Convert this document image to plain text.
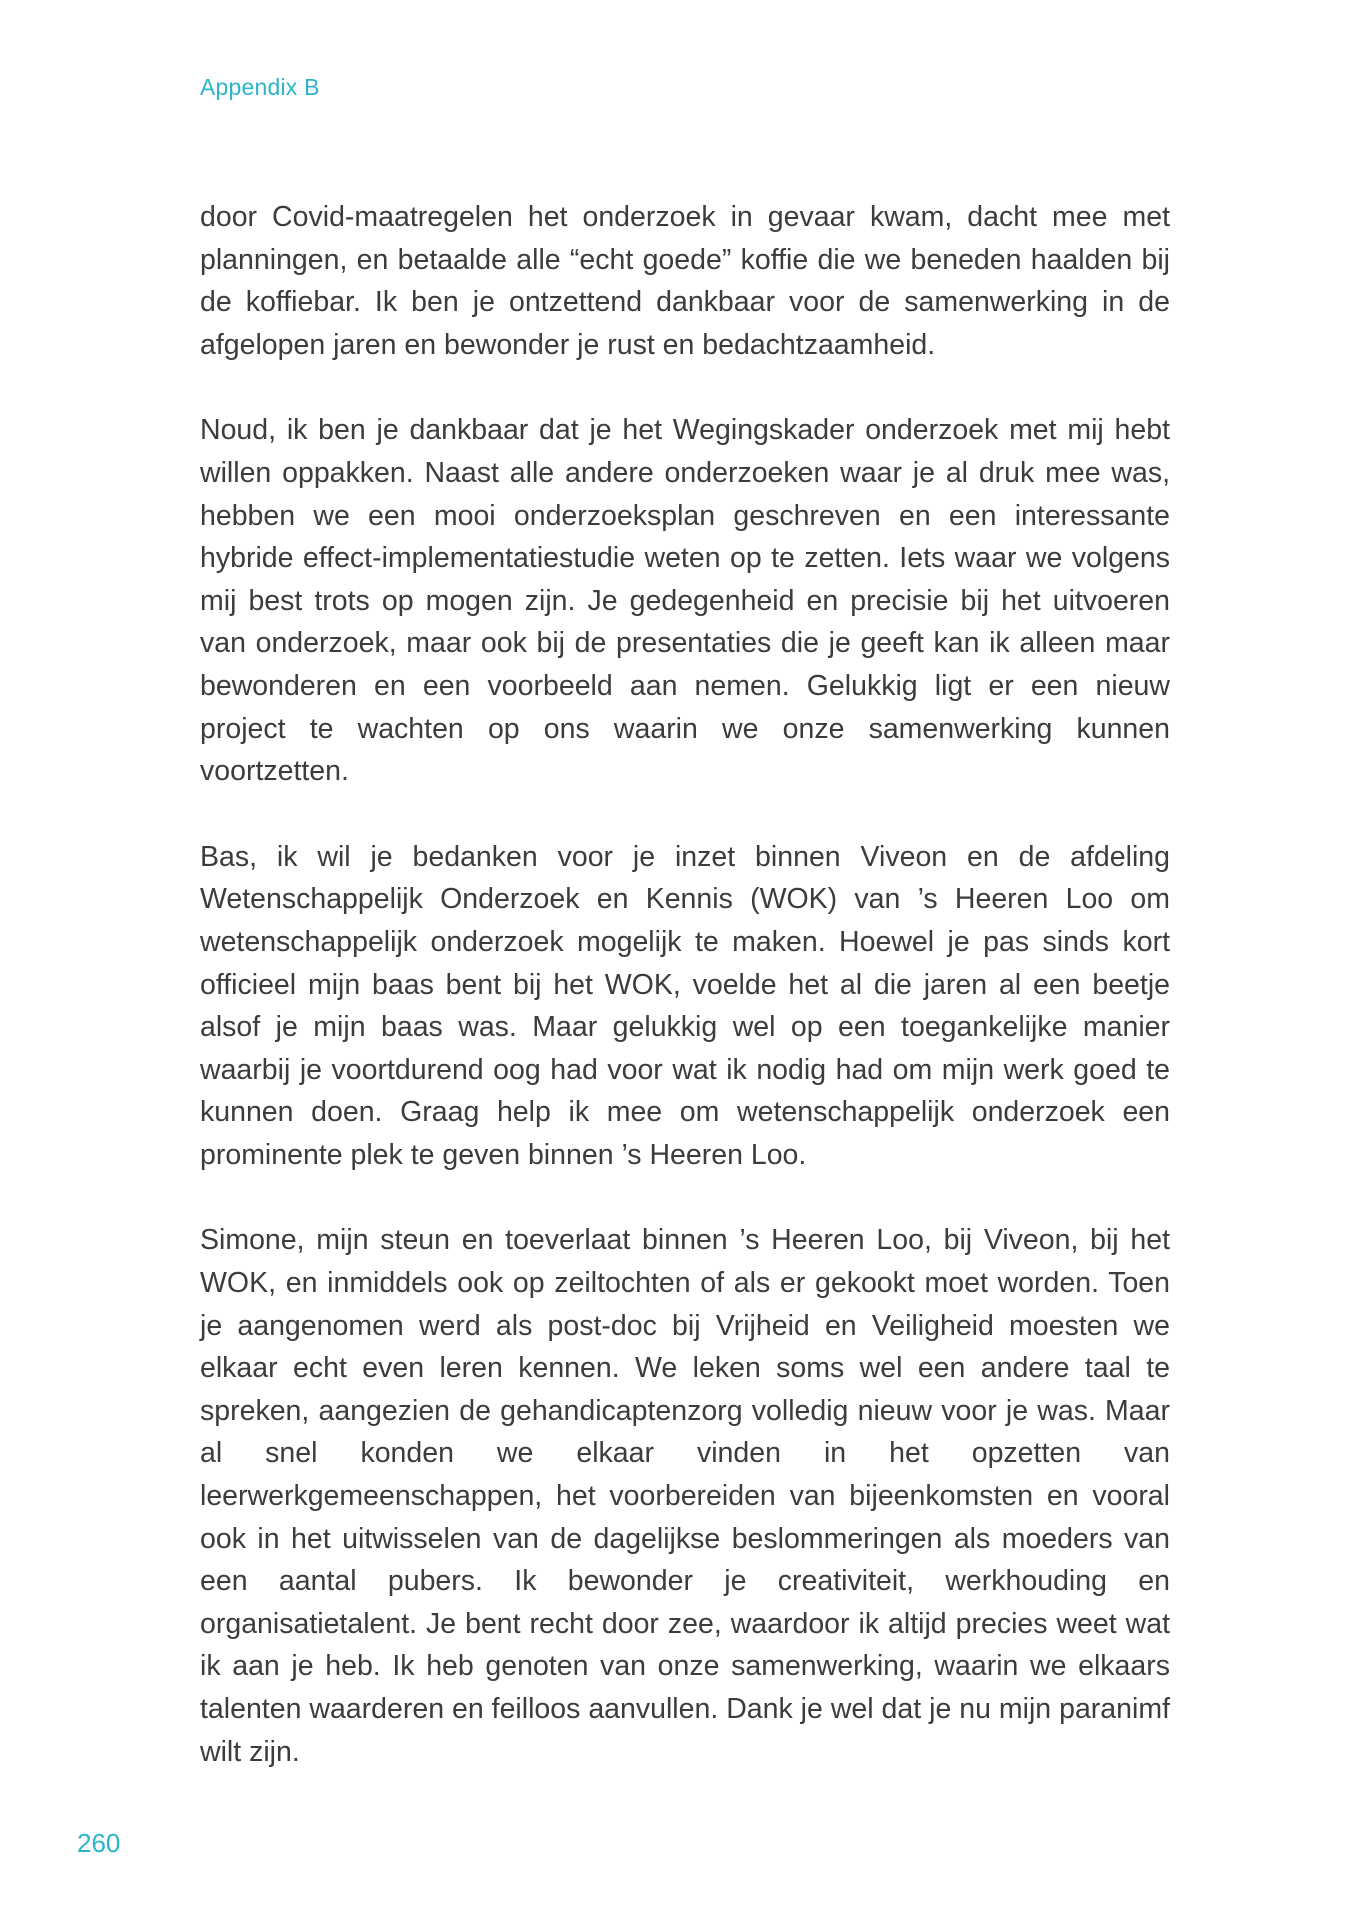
Appendix B

door Covid-maatregelen het onderzoek in gevaar kwam, dacht mee met planningen, en betaalde alle “echt goede” koffie die we beneden haalden bij de koffiebar. Ik ben je ontzettend dankbaar voor de samenwerking in de afgelopen jaren en bewonder je rust en bedachtzaamheid.

Noud, ik ben je dankbaar dat je het Wegingskader onderzoek met mij hebt willen oppakken. Naast alle andere onderzoeken waar je al druk mee was, hebben we een mooi onderzoeksplan geschreven en een interessante hybride effect-implementatiestudie weten op te zetten. Iets waar we volgens mij best trots op mogen zijn. Je gedegenheid en precisie bij het uitvoeren van onderzoek, maar ook bij de presentaties die je geeft kan ik alleen maar bewonderen en een voorbeeld aan nemen. Gelukkig ligt er een nieuw project te wachten op ons waarin we onze samenwerking kunnen voortzetten.

Bas, ik wil je bedanken voor je inzet binnen Viveon en de afdeling Wetenschappelijk Onderzoek en Kennis (WOK) van ’s Heeren Loo om wetenschappelijk onderzoek mogelijk te maken. Hoewel je pas sinds kort officieel mijn baas bent bij het WOK, voelde het al die jaren al een beetje alsof je mijn baas was. Maar gelukkig wel op een toegankelijke manier waarbij je voortdurend oog had voor wat ik nodig had om mijn werk goed te kunnen doen. Graag help ik mee om wetenschappelijk onderzoek een prominente plek te geven binnen ’s Heeren Loo.

Simone, mijn steun en toeverlaat binnen ’s Heeren Loo, bij Viveon, bij het WOK, en inmiddels ook op zeiltochten of als er gekookt moet worden. Toen je aangenomen werd als post-doc bij Vrijheid en Veiligheid moesten we elkaar echt even leren kennen. We leken soms wel een andere taal te spreken, aangezien de gehandicaptenzorg volledig nieuw voor je was. Maar al snel konden we elkaar vinden in het opzetten van leerwerkgemeenschappen, het voorbereiden van bijeenkomsten en vooral ook in het uitwisselen van de dagelijkse beslommeringen als moeders van een aantal pubers. Ik bewonder je creativiteit, werkhouding en organisatietalent. Je bent recht door zee, waardoor ik altijd precies weet wat ik aan je heb. Ik heb genoten van onze samenwerking, waarin we elkaars talenten waarderen en feilloos aanvullen. Dank je wel dat je nu mijn paranimf wilt zijn.

260
